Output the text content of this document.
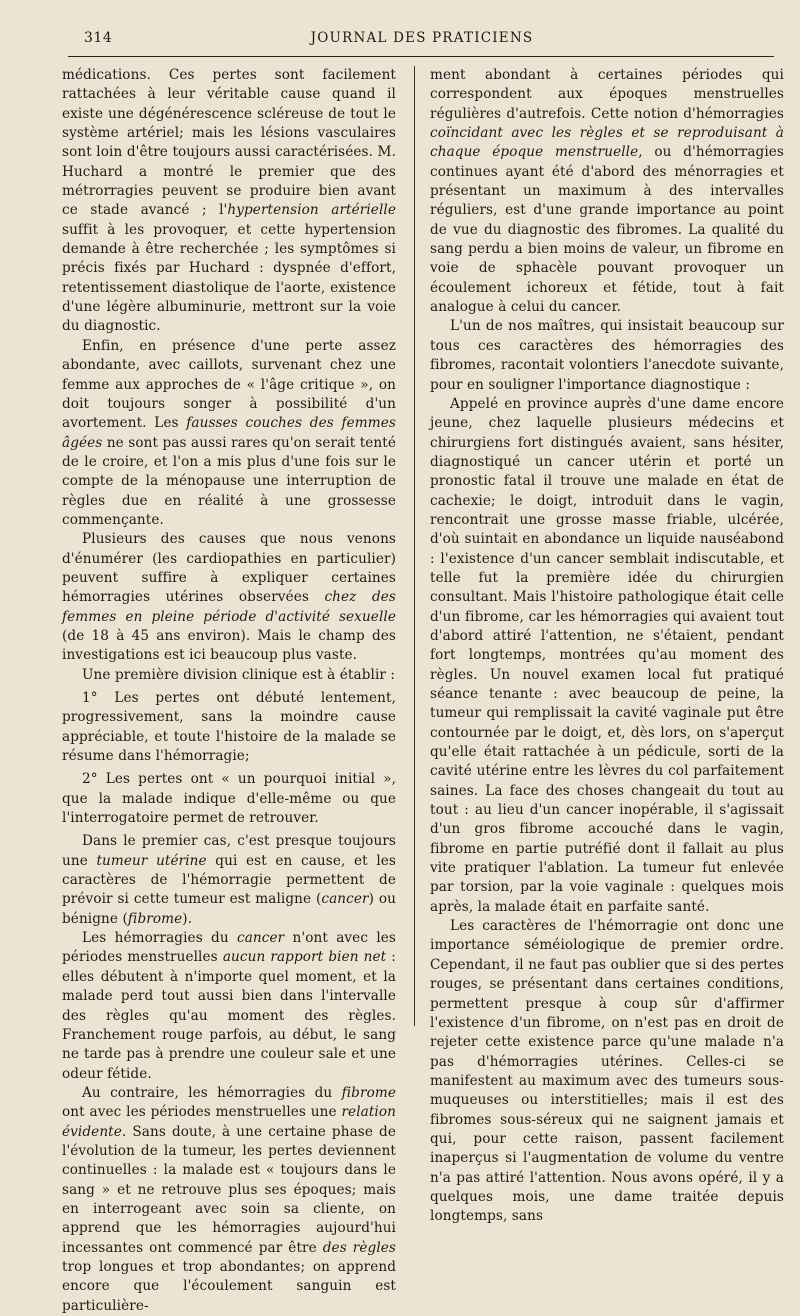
314	JOURNAL DES PRATICIENS

médications. Ces pertes sont facilement rattachées à leur véritable cause quand il existe une dégénérescence scléreuse de tout le système artériel; mais les lésions vasculaires sont loin d'être toujours aussi caractérisées. M. Huchard a montré le premier que des métrorragies peuvent se produire bien avant ce stade avancé ; l'hypertension artérielle suffit à les provoquer, et cette hypertension demande à être recherchée ; les symptômes si précis fixés par Huchard : dyspnée d'effort, retentissement diastolique de l'aorte, existence d'une légère albuminurie, mettront sur la voie du diagnostic.

Enfin, en présence d'une perte assez abondante, avec caillots, survenant chez une femme aux approches de « l'âge critique », on doit toujours songer à possibilité d'un avortement. Les fausses couches des femmes âgées ne sont pas aussi rares qu'on serait tenté de le croire, et l'on a mis plus d'une fois sur le compte de la ménopause une interruption de règles due en réalité à une grossesse commençante.

Plusieurs des causes que nous venons d'énumérer (les cardiopathies en particulier) peuvent suffire à expliquer certaines hémorragies utérines observées chez des femmes en pleine période d'activité sexuelle (de 18 à 45 ans environ). Mais le champ des investigations est ici beaucoup plus vaste.

Une première division clinique est à établir :

1° Les pertes ont débuté lentement, progressivement, sans la moindre cause appréciable, et toute l'histoire de la malade se résume dans l'hémorragie;

2° Les pertes ont « un pourquoi initial », que la malade indique d'elle-même ou que l'interrogatoire permet de retrouver.

Dans le premier cas, c'est presque toujours une tumeur utérine qui est en cause, et les caractères de l'hémorragie permettent de prévoir si cette tumeur est maligne (cancer) ou bénigne (fibrome).

Les hémorragies du cancer n'ont avec les périodes menstruelles aucun rapport bien net : elles débutent à n'importe quel moment, et la malade perd tout aussi bien dans l'intervalle des règles qu'au moment des règles. Franchement rouge parfois, au début, le sang ne tarde pas à prendre une couleur sale et une odeur fétide.

Au contraire, les hémorragies du fibrome ont avec les périodes menstruelles une relation évidente. Sans doute, à une certaine phase de l'évolution de la tumeur, les pertes deviennent continuelles : la malade est « toujours dans le sang » et ne retrouve plus ses époques; mais en interrogeant avec soin sa cliente, on apprend que les hémorragies aujourd'hui incessantes ont commencé par être des règles trop longues et trop abondantes; on apprend encore que l'écoulement sanguin est particulière-

ment abondant à certaines périodes qui correspondent aux époques menstruelles régulières d'autrefois. Cette notion d'hémorragies coïncidant avec les règles et se reproduisant à chaque époque menstruelle, ou d'hémorragies continues ayant été d'abord des ménorragies et présentant un maximum à des intervalles réguliers, est d'une grande importance au point de vue du diagnostic des fibromes. La qualité du sang perdu a bien moins de valeur, un fibrome en voie de sphacèle pouvant provoquer un écoulement ichoreux et fétide, tout à fait analogue à celui du cancer.

L'un de nos maîtres, qui insistait beaucoup sur tous ces caractères des hémorragies des fibromes, racontait volontiers l'anecdote suivante, pour en souligner l'importance diagnostique :

Appelé en province auprès d'une dame encore jeune, chez laquelle plusieurs médecins et chirurgiens fort distingués avaient, sans hésiter, diagnostiqué un cancer utérin et porté un pronostic fatal il trouve une malade en état de cachexie; le doigt, introduit dans le vagin, rencontrait une grosse masse friable, ulcérée, d'où suintait en abondance un liquide nauséabond : l'existence d'un cancer semblait indiscutable, et telle fut la première idée du chirurgien consultant. Mais l'histoire pathologique était celle d'un fibrome, car les hémorragies qui avaient tout d'abord attiré l'attention, ne s'étaient, pendant fort longtemps, montrées qu'au moment des règles. Un nouvel examen local fut pratiqué séance tenante : avec beaucoup de peine, la tumeur qui remplissait la cavité vaginale put être contournée par le doigt, et, dès lors, on s'aperçut qu'elle était rattachée à un pédicule, sorti de la cavité utérine entre les lèvres du col parfaitement saines. La face des choses changeait du tout au tout : au lieu d'un cancer inopérable, il s'agissait d'un gros fibrome accouché dans le vagin, fibrome en partie putréfié dont il fallait au plus vite pratiquer l'ablation. La tumeur fut enlevée par torsion, par la voie vaginale : quelques mois après, la malade était en parfaite santé.

Les caractères de l'hémorragie ont donc une importance séméiologique de premier ordre. Cependant, il ne faut pas oublier que si des pertes rouges, se présentant dans certaines conditions, permettent presque à coup sûr d'affirmer l'existence d'un fibrome, on n'est pas en droit de rejeter cette existence parce qu'une malade n'a pas d'hémorragies utérines. Celles-ci se manifestent au maximum avec des tumeurs sous-muqueuses ou interstitielles; mais il est des fibromes sous-séreux qui ne saignent jamais et qui, pour cette raison, passent facilement inaperçus si l'augmentation de volume du ventre n'a pas attiré l'attention. Nous avons opéré, il y a quelques mois, une dame traitée depuis longtemps, sans
